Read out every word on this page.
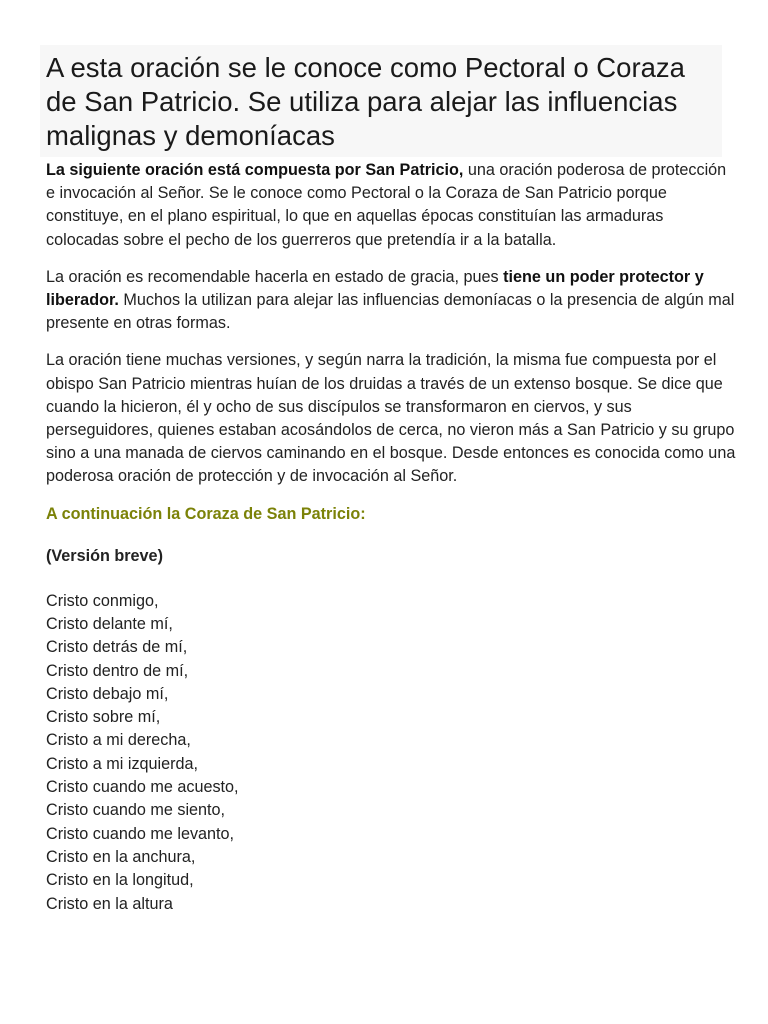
A esta oración se le conoce como Pectoral o Coraza de San Patricio. Se utiliza para alejar las influencias malignas y demoníacas

La siguiente oración está compuesta por San Patricio, una oración poderosa de protección e invocación al Señor. Se le conoce como Pectoral o la Coraza de San Patricio porque constituye, en el plano espiritual, lo que en aquellas épocas constituían las armaduras colocadas sobre el pecho de los guerreros que pretendía ir a la batalla.

La oración es recomendable hacerla en estado de gracia, pues tiene un poder protector y liberador. Muchos la utilizan para alejar las influencias demoníacas o la presencia de algún mal presente en otras formas.

La oración tiene muchas versiones, y según narra la tradición, la misma fue compuesta por el obispo San Patricio mientras huían de los druidas a través de un extenso bosque. Se dice que cuando la hicieron, él y ocho de sus discípulos se transformaron en ciervos, y sus perseguidores, quienes estaban acosándolos de cerca, no vieron más a San Patricio y su grupo sino a una manada de ciervos caminando en el bosque. Desde entonces es conocida como una poderosa oración de protección y de invocación al Señor.

A continuación la Coraza de San Patricio:
(Versión breve)
Cristo conmigo,
Cristo delante mí,
Cristo detrás de mí,
Cristo dentro de mí,
Cristo debajo mí,
Cristo sobre mí,
Cristo a mi derecha,
Cristo a mi izquierda,
Cristo cuando me acuesto,
Cristo cuando me siento,
Cristo cuando me levanto,
Cristo en la anchura,
Cristo en la longitud,
Cristo en la altura
